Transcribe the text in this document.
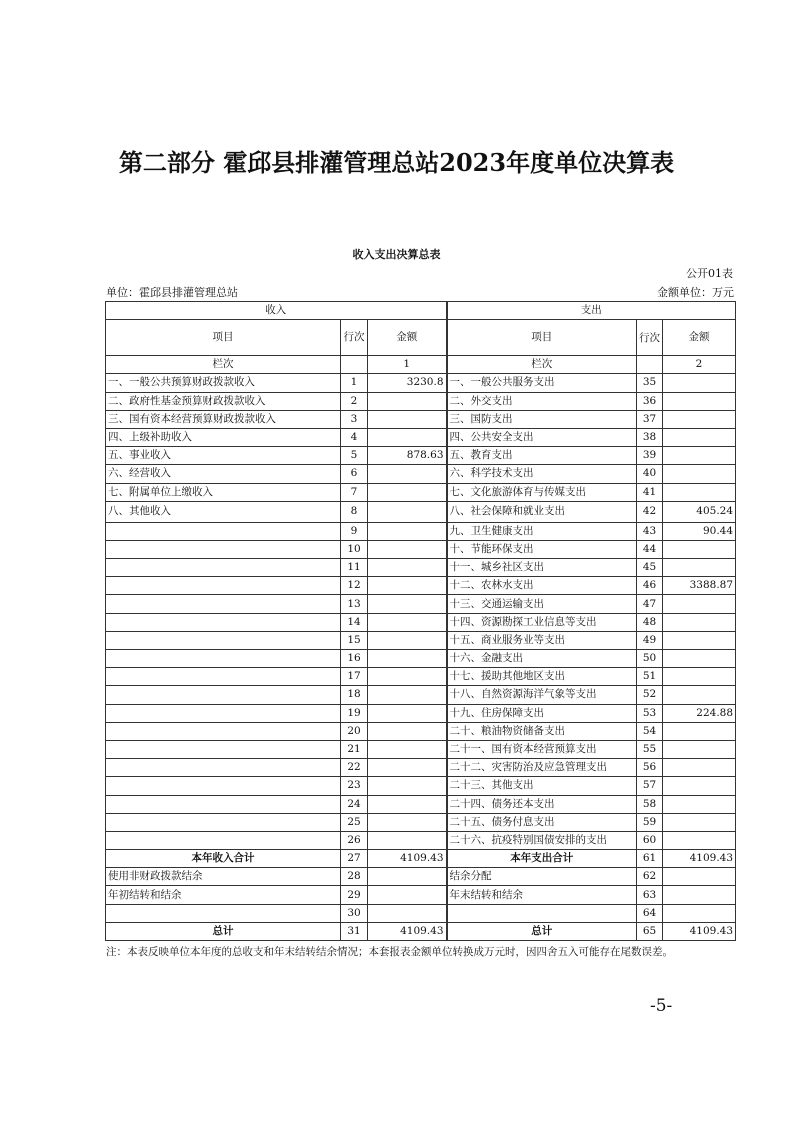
第二部分 霍邱县排灌管理总站2023年度单位决算表
收入支出决算总表
公开01表
单位：霍邱县排灌管理总站	金额单位：万元
收入			支出		
项目	行次	金额	项目	行次	金额
栏次		1	栏次		2
一、一般公共预算财政拨款收入	1	3230.8	一、一般公共服务支出	35	
二、政府性基金预算财政拨款收入	2		二、外交支出	36	
三、国有资本经营预算财政拨款收入	3		三、国防支出	37	
四、上级补助收入	4		四、公共安全支出	38	
五、事业收入	5	878.63	五、教育支出	39	
六、经营收入	6		六、科学技术支出	40	
七、附属单位上缴收入	7		七、文化旅游体育与传媒支出	41	
八、其他收入	8		八、社会保障和就业支出	42	405.24
	9		九、卫生健康支出	43	90.44
	10		十、节能环保支出	44	
	11		十一、城乡社区支出	45	
	12		十二、农林水支出	46	3388.87
	13		十三、交通运输支出	47	
	14		十四、资源勘探工业信息等支出	48	
	15		十五、商业服务业等支出	49	
	16		十六、金融支出	50	
	17		十七、援助其他地区支出	51	
	18		十八、自然资源海洋气象等支出	52	
	19		十九、住房保障支出	53	224.88
	20		二十、粮油物资储备支出	54	
	21		二十一、国有资本经营预算支出	55	
	22		二十二、灾害防治及应急管理支出	56	
	23		二十三、其他支出	57	
	24		二十四、债务还本支出	58	
	25		二十五、债务付息支出	59	
	26		二十六、抗疫特别国债安排的支出	60	
本年收入合计	27	4109.43	本年支出合计	61	4109.43
使用非财政拨款结余	28		结余分配	62	
年初结转和结余	29		年末结转和结余	63	
	30			64	
总计	31	4109.43	总计	65	4109.43
注：本表反映单位本年度的总收支和年末结转结余情况；本套报表金额单位转换成万元时，因四舍五入可能存在尾数误差。
-5-
